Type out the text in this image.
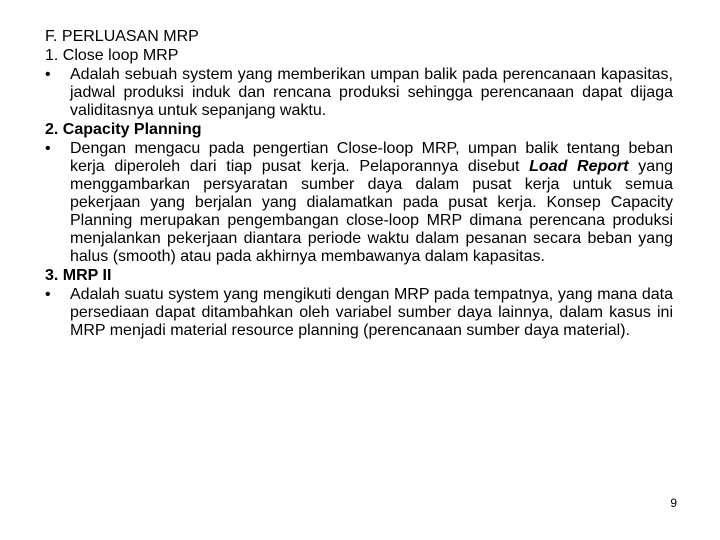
F. PERLUASAN MRP
1. Close loop MRP
•	Adalah sebuah system yang memberikan umpan balik pada perencanaan kapasitas, jadwal produksi induk dan rencana produksi sehingga perencanaan dapat dijaga validitasnya untuk sepanjang waktu.
2. Capacity Planning
•	Dengan mengacu pada pengertian Close-loop MRP, umpan balik tentang beban kerja diperoleh dari tiap pusat kerja. Pelaporannya disebut Load Report yang menggambarkan persyaratan sumber daya dalam pusat kerja untuk semua pekerjaan yang berjalan yang dialamatkan pada pusat kerja. Konsep Capacity Planning merupakan pengembangan close-loop MRP dimana perencana produksi menjalankan pekerjaan diantara periode waktu dalam pesanan secara beban yang halus (smooth) atau pada akhirnya membawanya dalam kapasitas.
3. MRP II
•	Adalah suatu system yang mengikuti dengan MRP pada tempatnya, yang mana data persediaan dapat ditambahkan oleh variabel sumber daya lainnya, dalam kasus ini MRP menjadi material resource planning (perencanaan sumber daya material).
9
